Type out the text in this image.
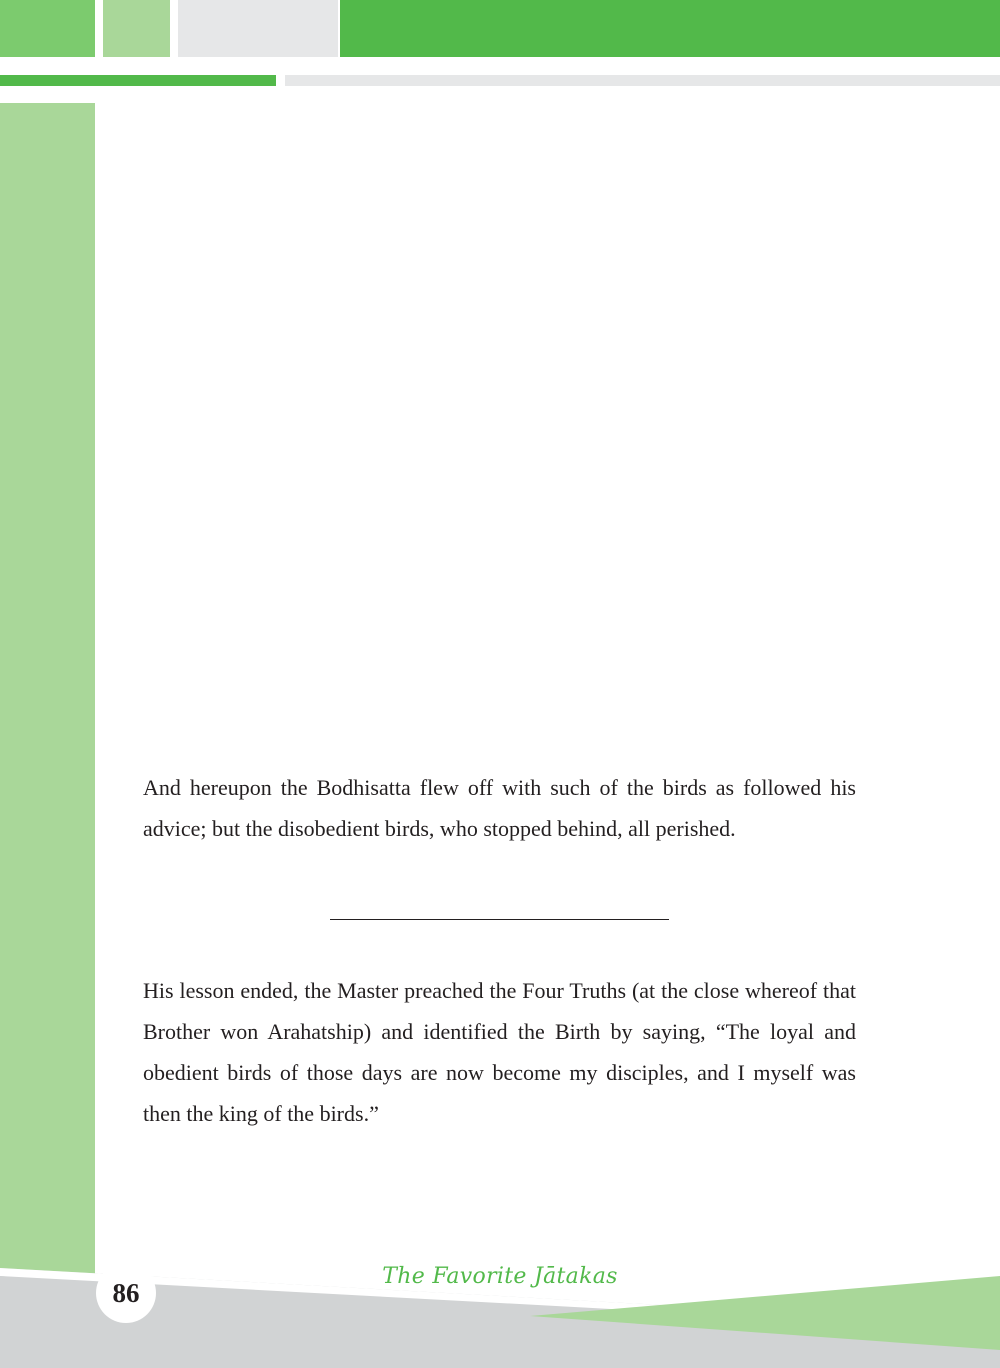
And hereupon the Bodhisatta flew off with such of the birds as followed his advice; but the disobedient birds, who stopped behind, all perished.

His lesson ended, the Master preached the Four Truths (at the close whereof that Brother won Arahatship) and identified the Birth by saying, “The loyal and obedient birds of those days are now become my disciples, and I myself was then the king of the birds.”

86
The Favorite Jātakas
